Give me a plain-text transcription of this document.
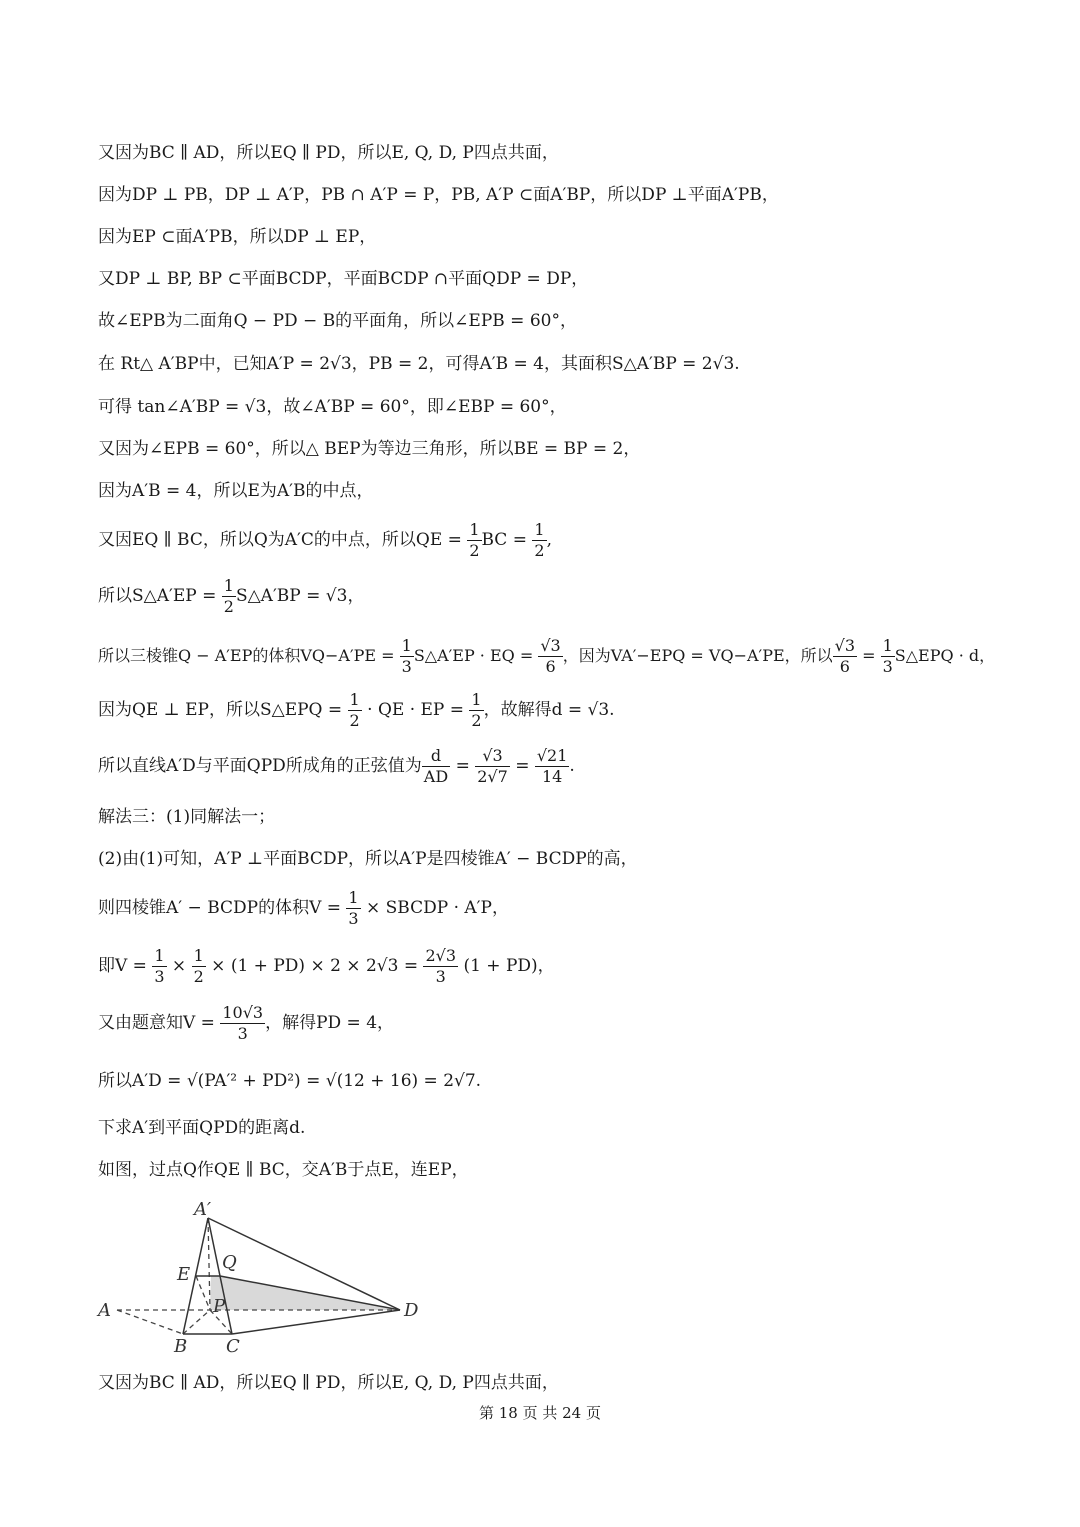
又因为BC ∥ AD，所以EQ ∥ PD，所以E, Q, D, P四点共面，
因为DP ⊥ PB，DP ⊥ A′P，PB ∩ A′P = P，PB, A′P ⊂面A′BP，所以DP ⊥平面A′PB，
因为EP ⊂面A′PB，所以DP ⊥ EP，
又DP ⊥ BP, BP ⊂平面BCDP，平面BCDP ∩平面QDP = DP，
故∠EPB为二面角Q − PD − B的平面角，所以∠EPB = 60°，
在 Rt△ A′BP中，已知A′P = 2√3，PB = 2，可得A′B = 4，其面积S△A′BP = 2√3.
可得 tan∠A′BP = √3，故∠A′BP = 60°，即∠EBP = 60°，
又因为∠EPB = 60°，所以△ BEP为等边三角形，所以BE = BP = 2，
因为A′B = 4，所以E为A′B的中点，
又因EQ ∥ BC，所以Q为A′C的中点，所以QE = $\frac{1}{2}$ BC = $\frac{1}{2}$ ,
所以S△A′EP = $\frac{1}{2}$ S△A′BP = √3，
所以三棱锥Q − A′EP的体积$VQ-A'PE = \frac{1}{3}$ S△A′EP · EQ = $\frac{√3}{6}$ ，因为VA′−EPQ = VQ−A′PE，所以 $\frac{√3}{6} = \frac{1}{3}$ S△EPQ · d，
因为QE ⊥ EP，所以S△EPQ = $\frac{1}{2}$ · QE · EP = $\frac{1}{2}$ ，故解得d = √3.
所以直线A′D与平面QPD所成角的正弦值为 $\frac{d}{AD} = \frac{√3}{2√7} = \frac{√21}{14}$ .
解法三：(1)同解法一；
(2)由(1)可知，A′P ⊥平面BCDP，所以A′P是四棱锥A′ − BCDP的高，
则四棱锥A′ − BCDP的体积$V = \frac{1}{3}$ × SBCDP · A′P，
即$V = \frac{1}{3} \times \frac{1}{2} \times (1 + PD) \times 2 \times 2√3 = \frac{2√3}{3} (1 + PD)$，
又由题意知$V = \frac{10√3}{3}$ ，解得PD = 4，
所以A′D = √(PA′² + PD²) = √(12 + 16) = 2√7.
下求A′到平面QPD的距离d.
如图，过点Q作QE ∥ BC，交A′B于点E，连EP，
A′
Q
E
A	P	D
B C
又因为BC ∥ AD，所以EQ ∥ PD，所以E, Q, D, P四点共面，
第 18 页 共 24 页
